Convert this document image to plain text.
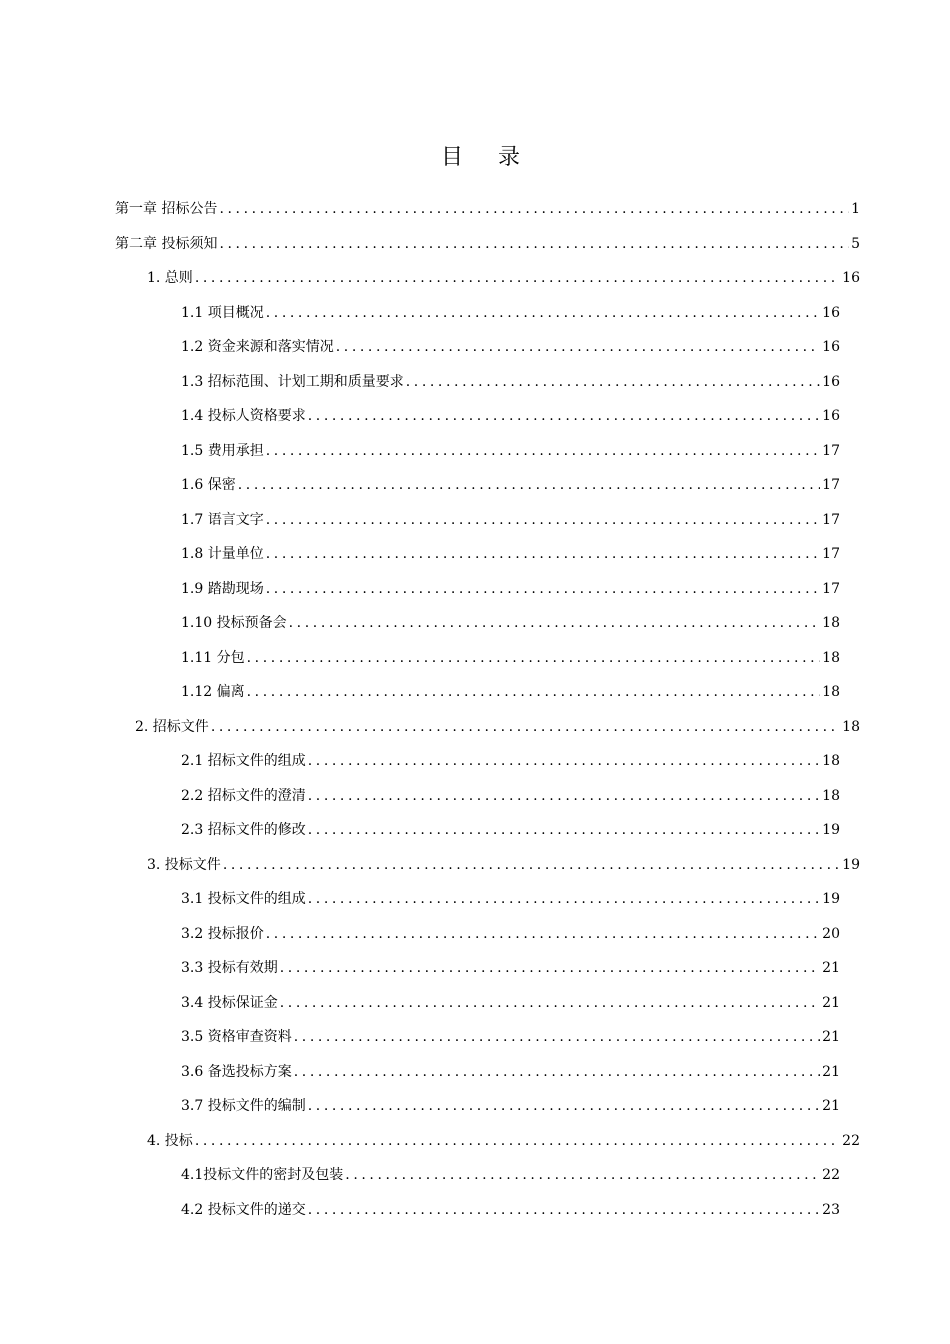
目 录
第一章 招标公告 .....	1
第二章 投标须知 .....	5
1. 总则 .....	16
1.1 项目概况 .....	16
1.2 资金来源和落实情况 .....	16
1.3 招标范围、计划工期和质量要求 .....	16
1.4 投标人资格要求 .....	16
1.5 费用承担 .....	17
1.6 保密 .....	17
1.7 语言文字 .....	17
1.8 计量单位 .....	17
1.9 踏勘现场 .....	17
1.10 投标预备会 .....	18
1.11 分包 .....	18
1.12 偏离 .....	18
2. 招标文件 .....	18
2.1 招标文件的组成 .....	18
2.2 招标文件的澄清 .....	18
2.3 招标文件的修改 .....	19
3. 投标文件 .....	19
3.1 投标文件的组成 .....	19
3.2 投标报价 .....	20
3.3 投标有效期 .....	21
3.4 投标保证金 .....	21
3.5 资格审查资料 .....	21
3.6 备选投标方案 .....	21
3.7 投标文件的编制 .....	21
4. 投标 .....	22
4.1投标文件的密封及包装 .....	22
4.2 投标文件的递交 .....	23
